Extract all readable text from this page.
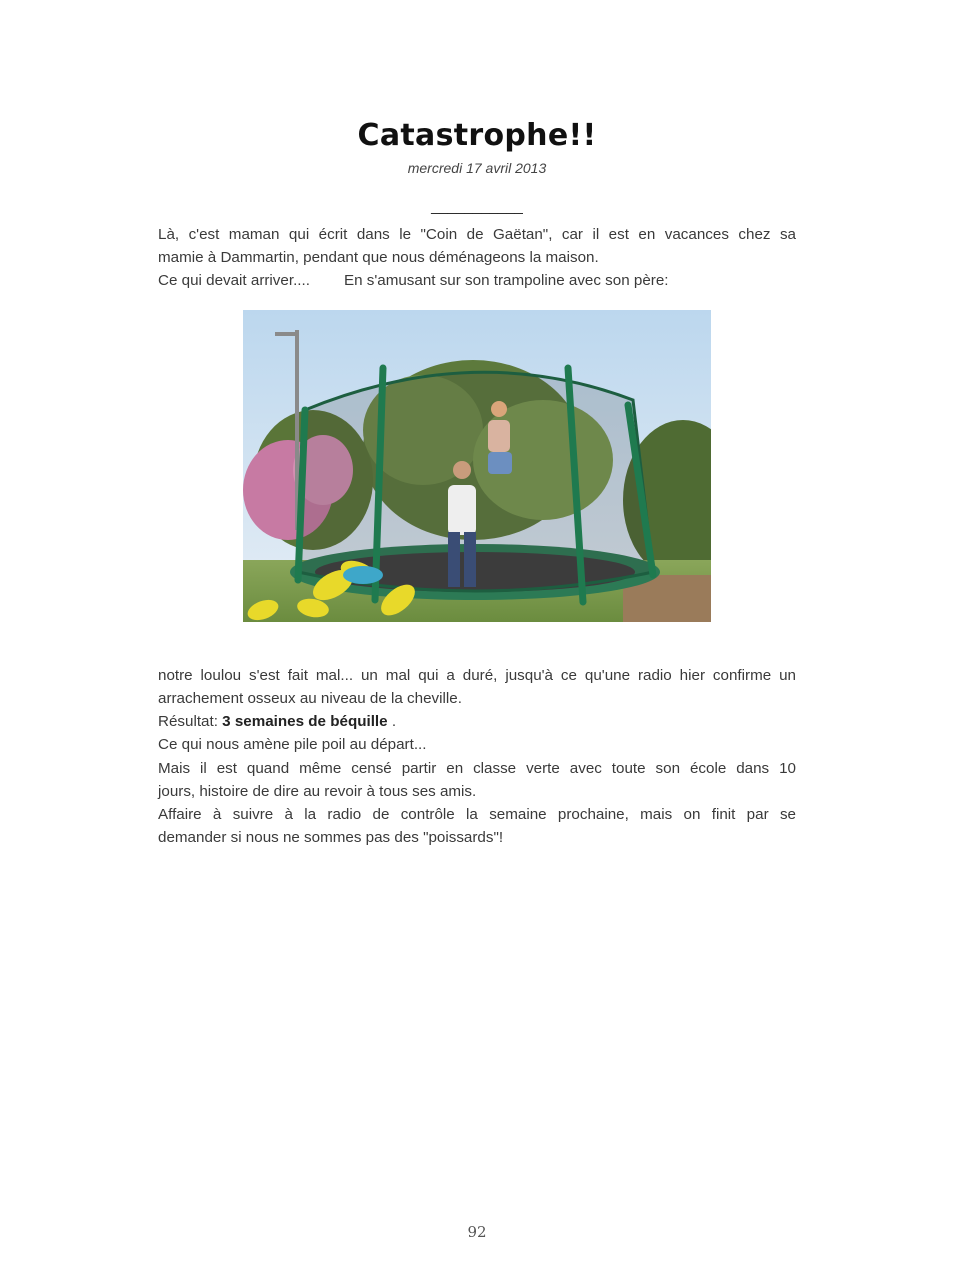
Catastrophe!!
mercredi 17 avril 2013
___________
Là, c'est maman qui écrit dans le "Coin de Gaëtan", car il est en vacances chez sa
mamie à Dammartin, pendant que nous déménageons la maison.
Ce qui devait arriver.... En s'amusant sur son trampoline avec son père:
notre loulou s'est fait mal... un mal qui a duré, jusqu'à ce qu'une radio hier confirme un
arrachement osseux au niveau de la cheville.
Résultat: 3 semaines de béquille .
Ce qui nous amène pile poil au départ...
Mais il est quand même censé partir en classe verte avec toute son école dans 10
jours, histoire de dire au revoir à tous ses amis.
Affaire à suivre à la radio de contrôle la semaine prochaine, mais on finit par se
demander si nous ne sommes pas des "poissards"!
92
